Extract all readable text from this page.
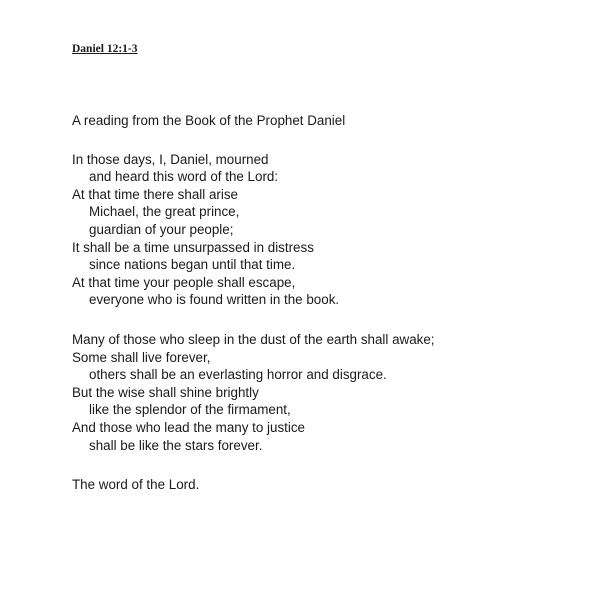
Daniel 12:1-3

A reading from the Book of the Prophet Daniel

In those days, I, Daniel, mourned
and heard this word of the Lord:
At that time there shall arise
Michael, the great prince,
guardian of your people;
It shall be a time unsurpassed in distress
since nations began until that time.
At that time your people shall escape,
everyone who is found written in the book.
Many of those who sleep in the dust of the earth shall awake;
Some shall live forever,
others shall be an everlasting horror and disgrace.
But the wise shall shine brightly
like the splendor of the firmament,
And those who lead the many to justice
shall be like the stars forever.

The word of the Lord.
